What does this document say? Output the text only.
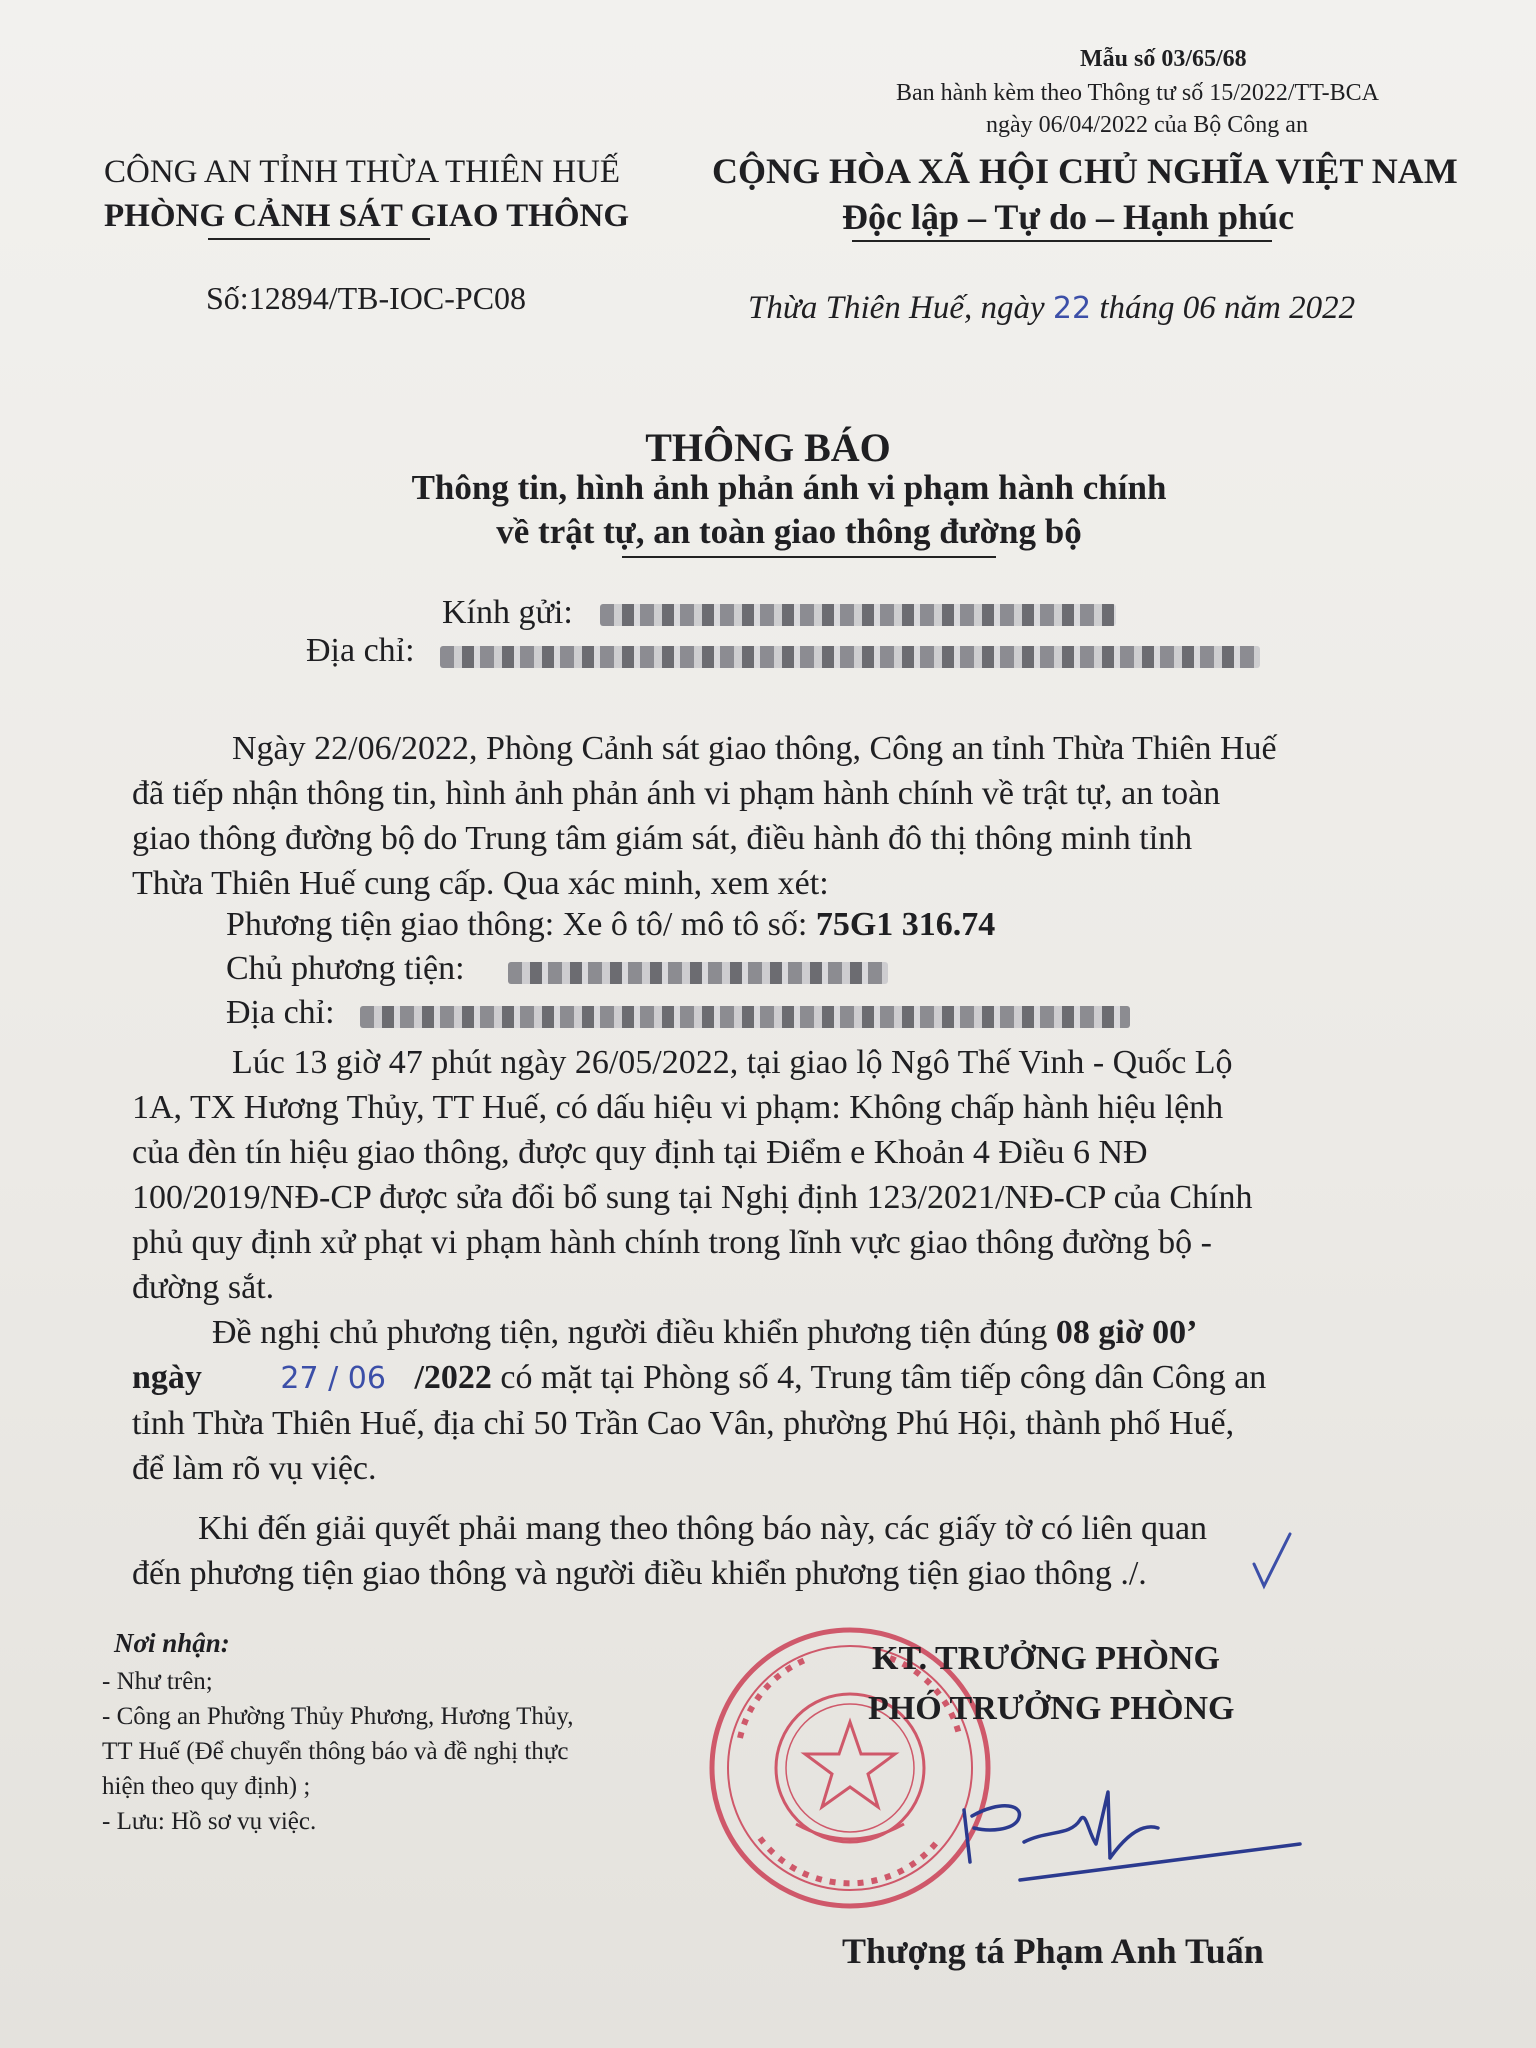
Mẫu số 03/65/68
Ban hành kèm theo Thông tư số 15/2022/TT-BCA
ngày 06/04/2022 của Bộ Công an
CÔNG AN TỈNH THỪA THIÊN HUẾ
PHÒNG CẢNH SÁT GIAO THÔNG
Số:12894/TB-IOC-PC08
CỘNG HÒA XÃ HỘI CHỦ NGHĨA VIỆT NAM
Độc lập – Tự do – Hạnh phúc
Thừa Thiên Huế, ngày 22 tháng 06 năm 2022
THÔNG BÁO
Thông tin, hình ảnh phản ánh vi phạm hành chính
về trật tự, an toàn giao thông đường bộ
Kính gửi:
Địa chỉ:
Ngày 22/06/2022, Phòng Cảnh sát giao thông, Công an tỉnh Thừa Thiên Huế
đã tiếp nhận thông tin, hình ảnh phản ánh vi phạm hành chính về trật tự, an toàn
giao thông đường bộ do Trung tâm giám sát, điều hành đô thị thông minh tỉnh
Thừa Thiên Huế cung cấp. Qua xác minh, xem xét:
Phương tiện giao thông: Xe ô tô/ mô tô số: 75G1 316.74
Chủ phương tiện:
Địa chỉ:
Lúc 13 giờ 47 phút ngày 26/05/2022, tại giao lộ Ngô Thế Vinh - Quốc Lộ
1A, TX Hương Thủy, TT Huế, có dấu hiệu vi phạm: Không chấp hành hiệu lệnh
của đèn tín hiệu giao thông, được quy định tại Điểm e Khoản 4 Điều 6 NĐ
100/2019/NĐ-CP được sửa đổi bổ sung tại Nghị định 123/2021/NĐ-CP của Chính
phủ quy định xử phạt vi phạm hành chính trong lĩnh vực giao thông đường bộ -
đường sắt.
Đề nghị chủ phương tiện, người điều khiển phương tiện đúng 08 giờ 00’
ngày	27 / 06 /2022 có mặt tại Phòng số 4, Trung tâm tiếp công dân Công an
tỉnh Thừa Thiên Huế, địa chỉ 50 Trần Cao Vân, phường Phú Hội, thành phố Huế,
để làm rõ vụ việc.
Khi đến giải quyết phải mang theo thông báo này, các giấy tờ có liên quan
đến phương tiện giao thông và người điều khiển phương tiện giao thông ./.
Nơi nhận:
- Như trên;
- Công an Phường Thủy Phương, Hương Thủy,
TT Huế (Để chuyển thông báo và đề nghị thực
hiện theo quy định) ;
- Lưu: Hồ sơ vụ việc.
KT. TRƯỞNG PHÒNG
PHÓ TRƯỞNG PHÒNG
Thượng tá Phạm Anh Tuấn
